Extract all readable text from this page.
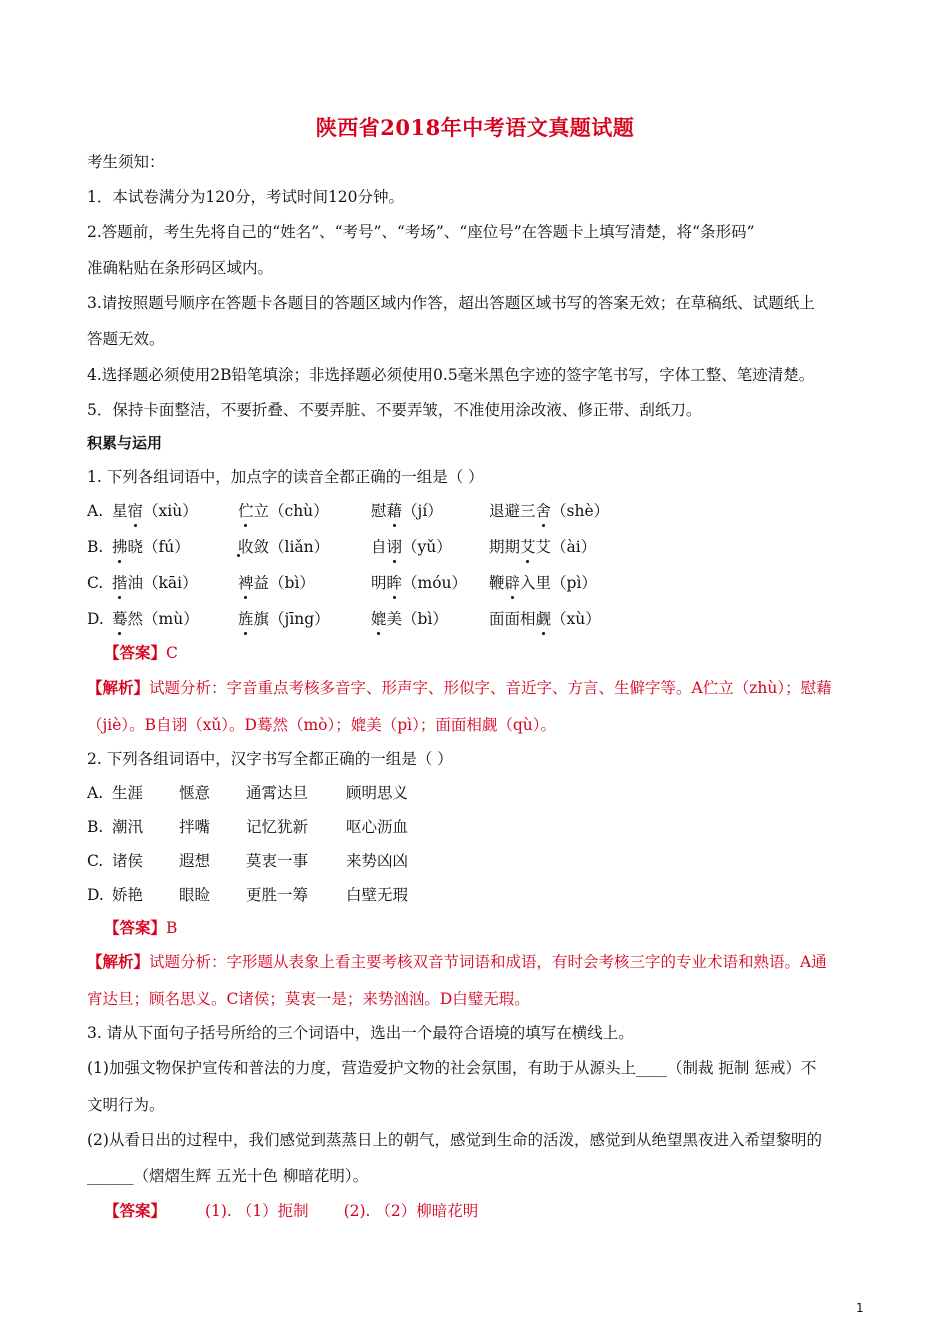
陕西省2018年中考语文真题试题
考生须知：
1．本试卷满分为120分，考试时间120分钟。
2.答题前，考生先将自己的“姓名”、“考号”、“考场”、“座位号”在答题卡上填写清楚，将“条形码”
准确粘贴在条形码区域内。
3.请按照题号顺序在答题卡各题目的答题区域内作答，超出答题区域书写的答案无效；在草稿纸、试题纸上
答题无效。
4.选择题必须使用2B铅笔填涂；非选择题必须使用0.5毫米黑色字迹的签字笔书写，字体工整、笔迹清楚。
5．保持卡面整洁，不要折叠、不要弄脏、不要弄皱，不准使用涂改液、修正带、刮纸刀。
积累与运用
1. 下列各组词语中，加点字的读音全都正确的一组是（ ）
A. 星宿（xiù）	伫立（chù）	慰藉（jí）	退避三舍（shè）
B. 拂晓（fú）	收敛（liǎn）	自诩（yǔ） 期期艾艾（ài）
C. 揩油（kāi）	裨益（bì）	明眸（móu） 鞭辟入里（pì）
D. 蓦然（mù）	旌旗（jīng）	媲美（bì）	面面相觑（xù）
【答案】C
【解析】试题分析：字音重点考核多音字、形声字、形似字、音近字、方言、生僻字等。A伫立（zhù）；慰藉
（jiè）。B自诩（xǔ）。D蓦然（mò）；媲美（pì）；面面相觑（qù）。
2. 下列各组词语中，汉字书写全都正确的一组是（ ）
A. 生涯 惬意 通霄达旦 顾明思义
B. 潮汛 拌嘴 记忆犹新 呕心沥血
C. 诸侯 遐想 莫衷一事 来势凶凶
D. 娇艳 眼睑 更胜一筹 白壁无瑕
【答案】B
【解析】试题分析：字形题从表象上看主要考核双音节词语和成语，有时会考核三字的专业术语和熟语。A通
宵达旦；顾名思义。C诸侯；莫衷一是；来势汹汹。D白璧无瑕。
3. 请从下面句子括号所给的三个词语中，选出一个最符合语境的填写在横线上。
(1)加强文物保护宣传和普法的力度，营造爱护文物的社会氛围，有助于从源头上____（制裁 扼制 惩戒）不
文明行为。
(2)从看日出的过程中，我们感觉到蒸蒸日上的朝气，感觉到生命的活泼，感觉到从绝望黑夜进入希望黎明的
______（熠熠生辉 五光十色 柳暗花明）。
【答案】	(1). （1）扼制 (2). （2）柳暗花明
1
